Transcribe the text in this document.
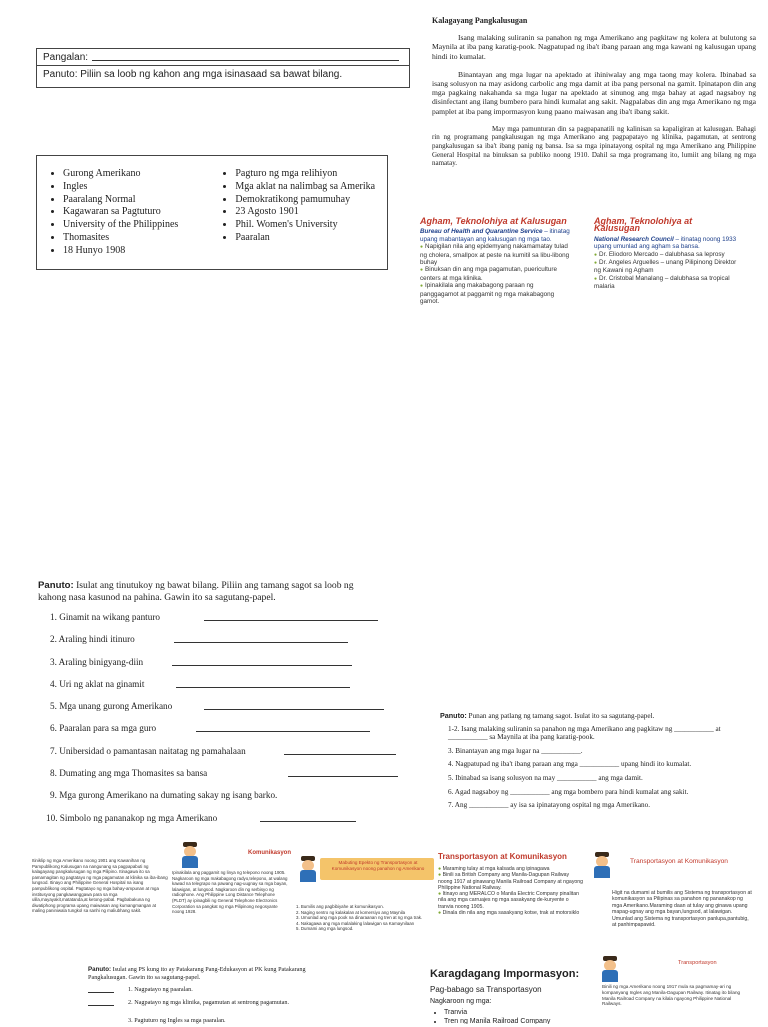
Pangalan:

Panuto: Piliin sa loob ng kahon ang mga isinasaad sa bawat bilang.

• Gurong Amerikano
• Ingles
• Paaralang Normal
• Kagawaran sa Pagtuturo
• University of the Philippines
• Thomasites
• 18 Hunyo 1908
• Pagturo ng mga relihiyon
• Mga aklat na nalimbag sa Amerika
• Demokratikong pamumuhay
• 23 Agosto 1901
• Phil. Women's University
• Paaralan
Kalagayang Pangkalusugan

Isang malaking suliranin sa panahon ng mga Amerikano ang pagkitaw ng kolera at bulutong sa Maynila at iba pang karatig-pook. Nagpatupad ng iba't ibang paraan ang mga kawani ng kalusugan upang hindi ito kumalat.

Binantayan ang mga lugar na apektado at ihiniwalay ang mga taong may kolera. Ibinabad sa isang solusyon na may asidong carbolic ang mga damit at iba pang personal na gamit. Ipinatapon din ang mga pagkaing nakahanda sa mga lugar na apektado at sinunog ang mga bahay at agad nagsaboy ng disinfectant ang ilang bumbero para hindi kumalat ang sakit. Nagpalabas din ang mga Amerikano ng mga pamplet at iba pang impormasyon kung paano maiwasan ang iba't ibang sakit.

May mga pamunturan din sa pagpapanatili ng kalinisan sa kapaligiran at kalusugan. Bahagi rin ng programang pangkalusugan ng mga Amerikano ang pagpapatayo ng klinika, pagamutan, at sentrong pangkalusugan sa iba't ibang panig ng bansa. Isa sa mga ipinatayong ospital ng mga Amerikano ang Philippine General Hospital na binuksan sa publiko noong 1910. Dahil sa mga programang ito, lumiit ang bilang ng mga namatay.

Agham, Teknolohiya at Kalusugan

Bureau of Health and Quarantine Service – itinatag upang mabantayan ang kalusugan ng mga tao.

● Napigilan nila ang epidemyang nakamamatay tulad ng cholera, smallpox at peste na kumitil sa libu-libong buhay
● Binuksan din ang mga pagamutan, puericulture centers at mga klinika.
● Ipinakilala ang makabagong paraan ng panggagamot at paggamit ng mga makabagong gamot.
Agham, Teknolohiya at Kalusugan

National Research Council – itinatag noong 1933 upang umunlad ang agham sa bansa.

● Dr. Eliodoro Mercado – dalubhasa sa leprosy
● Dr. Angeles Arguelles – unang Pilipinong Direktor ng Kawani ng Agham
● Dr. Cristobal Manalang – dalubhasa sa tropical malaria

Panuto: Isulat ang tinutukoy ng bawat bilang. Piliin ang tamang sagot sa loob ng kahong nasa kasunod na pahina. Gawin ito sa sagutang-papel.

1. Ginamit na wikang panturo
2. Araling hindi itinuro
3. Araling binigyang-diin
4. Uri ng aklat na ginamit
5. Mga unang gurong Amerikano
6. Paaralan para sa mga guro
7. Unibersidad o pamantasan naitatag ng pamahalaan
8. Dumating ang mga Thomasites sa bansa
9. Mga gurong Amerikano na dumating sakay ng isang barko.
10. Simbolo ng pananakop ng mga Amerikano

Panuto: Punan ang patlang ng tamang sagot. Isulat ito sa sagutang-papel.

1-2. Isang malaking suliranin sa panahon ng mga Amerikano ang pagkitaw ng ___________ at ___________ sa Maynila at iba pang karatig-pook.

3. Binantayan ang mga lugar na ___________.

4. Nagpatupad ng iba't ibang paraan ang mga ___________ upang hindi ito kumalat.

5. Ibinabad sa isang solusyon na may ___________ ang mga damit.

6. Agad nagsaboy ng ___________ ang mga bombero para hindi kumalat ang sakit.

7. Ang ___________ ay isa sa ipinatayong ospital ng mga Amerikano.

Komunikasyon
Itiniklip ng mga Amerikano noong 1901 ang Kawanihan ng Pampublikong Kalusugan na nangunang sa pagpapabuti ng kalagayang pangkalusugan ng mga Pilipino. Itinagawa ito sa pamamagitan ng pagtatayo ng mga pagamutan at klinika sa iba-ibang lungsod. Itinayo ang Philippine General Hospital na isang pampublikong ospital. Pagtatayo ng mga bahay-ampunan at mga institusyong pangkawanggawa para sa mga ulila,mayayakit,matatanda,at ketong-pabal. Pagbabakuna ng diwatiphong programa upang maiwasan ang kumangmangan at maling paniniwala tungkol sa sanhi ng maliubhang sakit.
Ipinakilala ang paggamit ng linya ng telepono noong 1905. Nagkaroon ng mga makabagong radyo,telepono, at walang kawad na telegrapo na pawang nag-uugnay sa mga bayan, lalawigan, at lungsod. Nagkaroon din ng serbisyo ng radiophone. Ang Philippine Long Distance Telephone (PLDT) ay ipinagbili ng General Telephone Electronics Corporation sa pangkat ng mga Pilipinong negosyante noong 1928.
Mabuting Epekto ng Transportasyon at Komunikasyon noong panahon ng Amerikano
1. Bumilis ang pagbibiyahe at komunikasyon.
2. Naging sentro ng kalakalan at komersiyo ang Maynila
3. Umunlad ang mga pook na dinaraanan ng tren at ng mga trak.
4. Nakagawa ang mga malalaking lalawigan sa Kamaynilaan
5. Dumami ang mga lungsod.
Transportasyon at Komunikasyon
● Maraming tulay at mga kalsada ang ipinagawa
● Binili sa British Company ang Manila-Dagupan Railway noong 1917 at ginawang Manila Railroad Company at ngayong Philippine National Railway.
● Itinayo ang MERALCO o Manila Electric Company pinalitan nila ang mga carruajes ng mga sasakyang de-kuryente o tranvia noong 1905.
● Dinala din nila ang mga sasakyang kotse, trak at motorsiklo
Transportasyon at Komunikasyon
Higit na dumami at bumilis ang Sistema ng transportasyon at komunikasyon sa Pilipinas sa panahon ng pananakop ng mga Amerikano.Maraming daan at tulay ang ginawa upang mapag-ugnay ang mga bayan,lungsod, at lalawigan. Umunlad ang Sistema ng transportasyon panlupa,pantubig, at panhimpapawid.

Panuto: Isulat ang PS kung ito ay Patakarang Pang-Edukasyon at PK kung Patakarang Pangkalusugan. Gawin ito sa sagutang-papel.

1. Nagpatayo ng paaralan.
2. Nagpatayo ng mga klinika, pagamutan at sentrong pagamutan.
3. Pagtuturo ng Ingles sa mga paaralan.
Karagdagang Impormasyon:
Pag-babago sa Transportasyon
Nagkaroon ng mga:
• Tranvia
• Tren ng Manila Railroad Company
Transportasyon
Binili ng mga Amerikano noong 1917 mula sa pagmamay-ari ng kompanyang Ingles ang Manila-Dagupan Railway. Itinatag ito bilang Manila Railroad Company na kilala ngayong Philippine National Railways.
